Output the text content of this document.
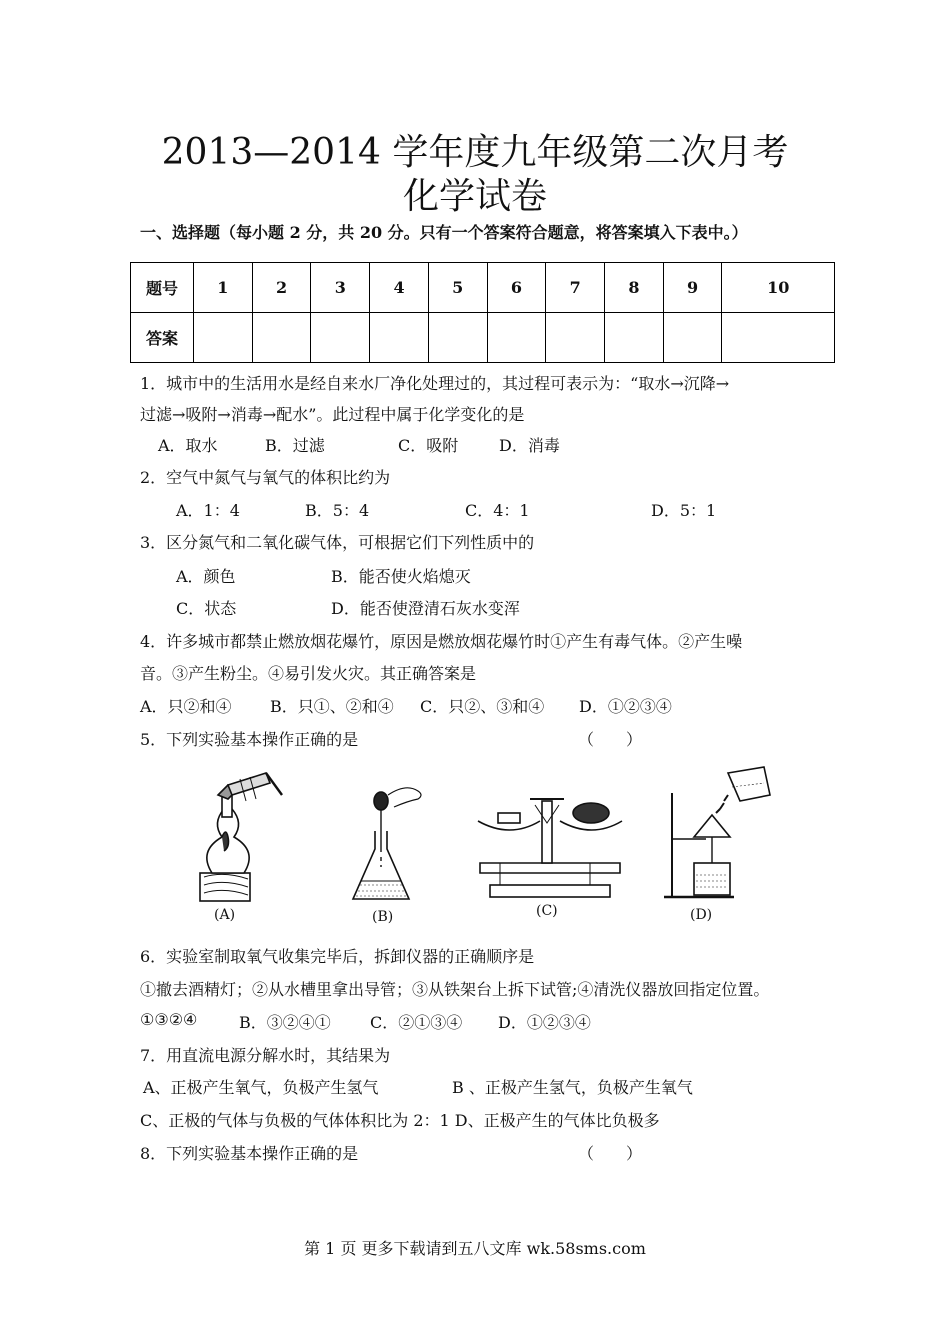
2013—2014 学年度九年级第二次月考
化学试卷
一、选择题（每小题 2 分，共 20 分。只有一个答案符合题意，将答案填入下表中。）
题号	1	2	3	4	5	6	7	8	9	10
答案										
1．城市中的生活用水是经自来水厂净化处理过的，其过程可表示为：“取水→沉降→
过滤→吸附→消毒→配水”。此过程中属于化学变化的是
A．取水	B．过滤	C．吸附	D．消毒
2．空气中氮气与氧气的体积比约为
A．1：4	B．5：4	C．4：1	D．5：1
3．区分氮气和二氧化碳气体，可根据它们下列性质中的
A．颜色	B．能否使火焰熄灭
C．状态	D．能否使澄清石灰水变浑
4．许多城市都禁止燃放烟花爆竹，原因是燃放烟花爆竹时①产生有毒气体。②产生噪
音。③产生粉尘。④易引发火灾。其正确答案是
A．只②和④ B．只①、②和④ C．只②、③和④ D．①②③④
5．下列实验基本操作正确的是	（　　）
(A)	(B)	(C)	(D)
6．实验室制取氧气收集完毕后，拆卸仪器的正确顺序是
①撤去酒精灯；②从水槽里拿出导管；③从铁架台上拆下试管;④清洗仪器放回指定位置。
①③②④	B．③②④① C．②①③④ D．①②③④
7．用直流电源分解水时，其结果为
A、正极产生氧气，负极产生氢气	B 、正极产生氢气，负极产生氧气
C、正极的气体与负极的气体体积比为 2：1 D、正极产生的气体比负极多
8．下列实验基本操作正确的是	（　　）
第 1 页 更多下载请到五八文库 wk.58sms.com
